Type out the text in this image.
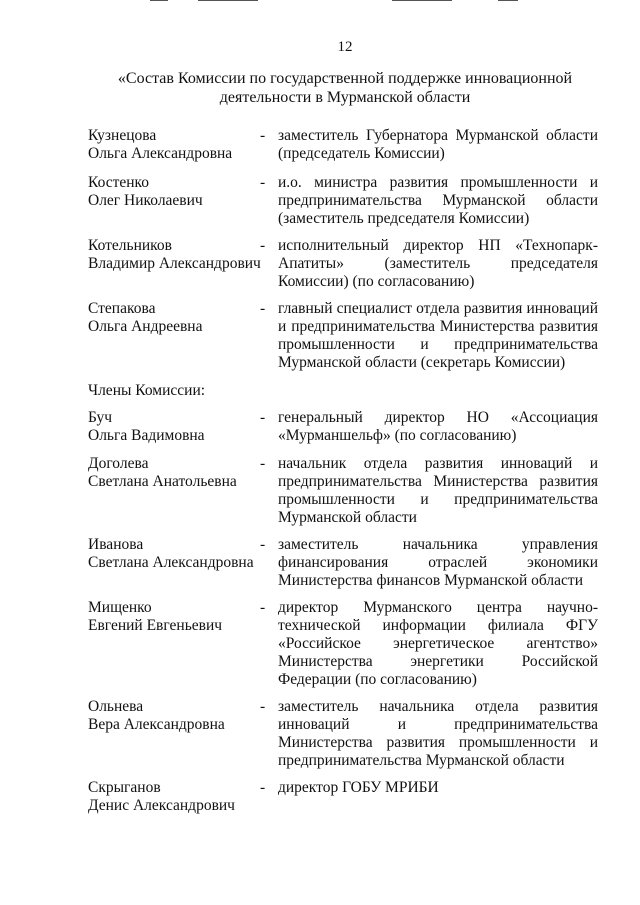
12
«Состав Комиссии по государственной поддержке инновационной
деятельности в Мурманской области
Кузнецова
Ольга Александровна
- заместитель Губернатора Мурманской области (председатель Комиссии)
Костенко
Олег Николаевич
- и.о. министра развития промышленности и предпринимательства Мурманской области (заместитель председателя Комиссии)
Котельников
Владимир Александрович
- исполнительный директор НП «Технопарк-Апатиты» (заместитель председателя Комиссии) (по согласованию)
Степакова
Ольга Андреевна
- главный специалист отдела развития инноваций и предпринимательства Министерства развития промышленности и предпринимательства Мурманской области (секретарь Комиссии)
Члены Комиссии:
Буч
Ольга Вадимовна
- генеральный директор НО «Ассоциация «Мурманшельф» (по согласованию)
Доголева
Светлана Анатольевна
- начальник отдела развития инноваций и предпринимательства Министерства развития промышленности и предпринимательства Мурманской области
Иванова
Светлана Александровна
- заместитель начальника управления финансирования отраслей экономики Министерства финансов Мурманской области
Мищенко
Евгений Евгеньевич
- директор Мурманского центра научно-технической информации филиала ФГУ «Российское энергетическое агентство» Министерства энергетики Российской Федерации (по согласованию)
Ольнева
Вера Александровна
- заместитель начальника отдела развития инноваций и предпринимательства Министерства развития промышленности и предпринимательства Мурманской области
Скрыганов
Денис Александрович
- директор ГОБУ МРИБИ
